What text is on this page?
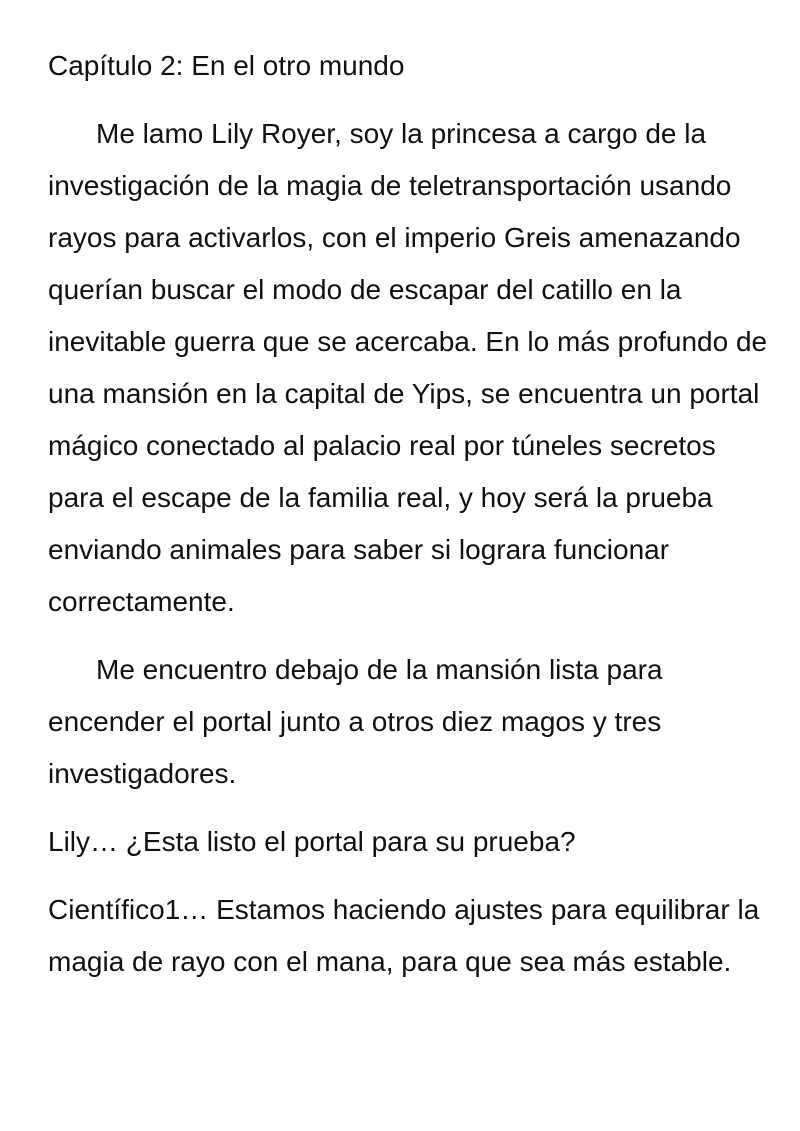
Capítulo 2: En el otro mundo

Me lamo Lily Royer, soy la princesa a cargo de la investigación de la magia de teletransportación usando rayos para activarlos, con el imperio Greis amenazando querían buscar el modo de escapar del catillo en la inevitable guerra que se acercaba. En lo más profundo de una mansión en la capital de Yips, se encuentra un portal mágico conectado al palacio real por túneles secretos para el escape de la familia real, y hoy será la prueba enviando animales para saber si lograra funcionar correctamente.

Me encuentro debajo de la mansión lista para encender el portal junto a otros diez magos y tres investigadores.

Lily… ¿Esta listo el portal para su prueba?

Científico1… Estamos haciendo ajustes para equilibrar la magia de rayo con el mana, para que sea más estable.
